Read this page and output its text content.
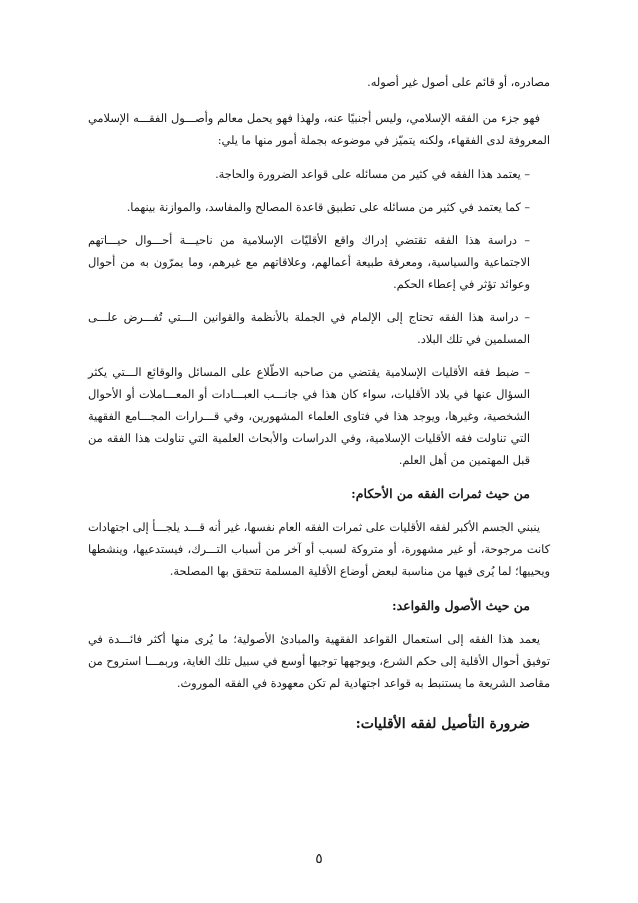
مصادره، أو قائم على أصول غير أصوله.

فهو جزء من الفقه الإسلامي، وليس أجنبيًا عنه، ولهذا فهو يحمل معالم وأصـــول الفقـــه الإسلامي المعروفة لدى الفقهاء، ولكنه يتميّز في موضوعه بجملة أمور منها ما يلي:

– يعتمد هذا الفقه في كثير من مسائله على قواعد الضرورة والحاجة.

– كما يعتمد في كثير من مسائله على تطبيق قاعدة المصالح والمفاسد، والموازنة بينهما.

– دراسة هذا الفقه تقتضي إدراك واقع الأقليّات الإسلامية من ناحيـــة أحـــوال حيـــاتهم الاجتماعية والسياسية، ومعرفة طبيعة أعمالهم، وعلاقاتهم مع غيرهم، وما يمرّون به من أحوال وعوائد تؤثر في إعطاء الحكم.

– دراسة هذا الفقه تحتاج إلى الإلمام في الجملة بالأنظمة والقوانين الـــتي تُفـــرض علـــى المسلمين في تلك البلاد.

– ضبط فقه الأقليات الإسلامية يقتضي من صاحبه الاطّلاع على المسائل والوقائع الـــتي يكثر السؤال عنها في بلاد الأقليات، سواء كان هذا في جانـــب العبـــادات أو المعـــاملات أو الأحوال الشخصية، وغيرها، ويوجد هذا في فتاوى العلماء المشهورين، وفي قـــرارات المجـــامع الفقهية التي تناولت فقه الأقليات الإسلامية، وفي الدراسات والأبحاث العلمية التي تناولت هذا الفقه من قبل المهتمين من أهل العلم.

من حيث ثمرات الفقه من الأحكام:

ينبني الجسم الأكبر لفقه الأقليات على ثمرات الفقه العام نفسها، غير أنه قـــد يلجـــأ إلى اجتهادات كانت مرجوحة، أو غير مشهورة، أو متروكة لسبب أو آخر من أسباب التـــرك، فيستدعيها، وينشطها ويحييها؛ لما يُرى فيها من مناسبة لبعض أوضاع الأقلية المسلمة تتحقق بها المصلحة.

من حيث الأصول والقواعد:

يعمد هذا الفقه إلى استعمال القواعد الفقهية والمبادئ الأصولية؛ ما يُرى منها أكثر فائـــدة في توفيق أحوال الأقلية إلى حكم الشرع، ويوجهها توجيها أوسع في سبيل تلك الغاية، وربمـــا استروح من مقاصد الشريعة ما يستنبط به قواعد اجتهادية لم تكن معهودة في الفقه الموروث.

ضرورة التأصيل لفقه الأقليات:

٥
